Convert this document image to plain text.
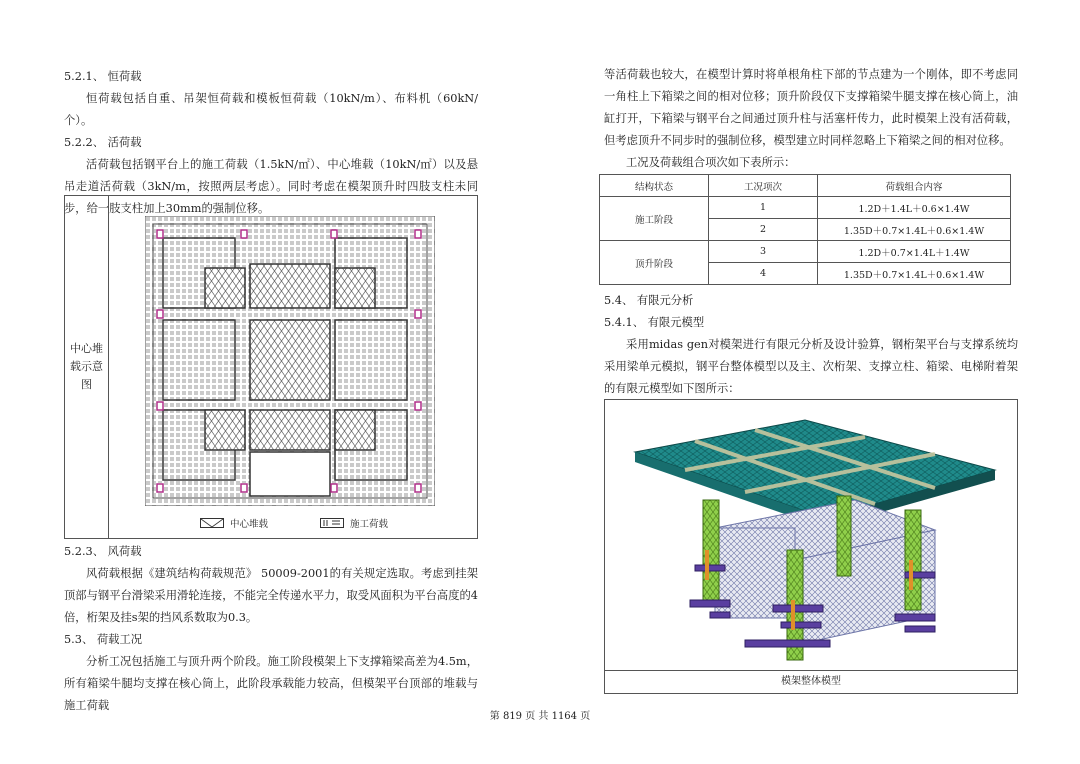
5.2.1、 恒荷载

恒荷载包括自重、吊架恒荷载和模板恒荷载（10kN/m）、布料机（60kN/个）。

5.2.2、 活荷载

活荷载包括钢平台上的施工荷载（1.5kN/㎡）、中心堆载（10kN/㎡）以及悬吊走道活荷载（3kN/m，按照两层考虑）。同时考虑在模架顶升时四肢支柱未同步，给一肢支柱加上30mm的强制位移。

中心堆载示意图
中心堆载	施工荷载

5.2.3、 风荷载

风荷载根据《建筑结构荷载规范》 50009-2001的有关规定选取。考虑到挂架顶部与钢平台滑梁采用滑轮连接，不能完全传递水平力，取受风面积为平台高度的4倍，桁架及挂s架的挡风系数取为0.3。

5.3、 荷载工况

分析工况包括施工与顶升两个阶段。施工阶段模架上下支撑箱梁高差为4.5m，所有箱梁牛腿均支撑在核心筒上，此阶段承载能力较高，但模架平台顶部的堆载与施工荷载

等活荷载也较大，在模型计算时将单根角柱下部的节点建为一个刚体，即不考虑同一角柱上下箱梁之间的相对位移；顶升阶段仅下支撑箱梁牛腿支撑在核心筒上，油缸打开，下箱梁与钢平台之间通过顶升柱与活塞杆传力，此时模架上没有活荷载，但考虑顶升不同步时的强制位移，模型建立时同样忽略上下箱梁之间的相对位移。

工况及荷载组合项次如下表所示：

结构状态	工况项次	荷载组合内容
施工阶段	1	1.2D＋1.4L＋0.6×1.4W
	2	1.35D＋0.7×1.4L＋0.6×1.4W
顶升阶段	3	1.2D＋0.7×1.4L＋1.4W
	4	1.35D＋0.7×1.4L＋0.6×1.4W

5.4、 有限元分析

5.4.1、 有限元模型

采用midas gen对模架进行有限元分析及设计验算，钢桁架平台与支撑系统均采用梁单元模拟，钢平台整体模型以及主、次桁架、支撑立柱、箱梁、电梯附着架的有限元模型如下图所示：

模架整体模型
第 819 页 共 1164 页
